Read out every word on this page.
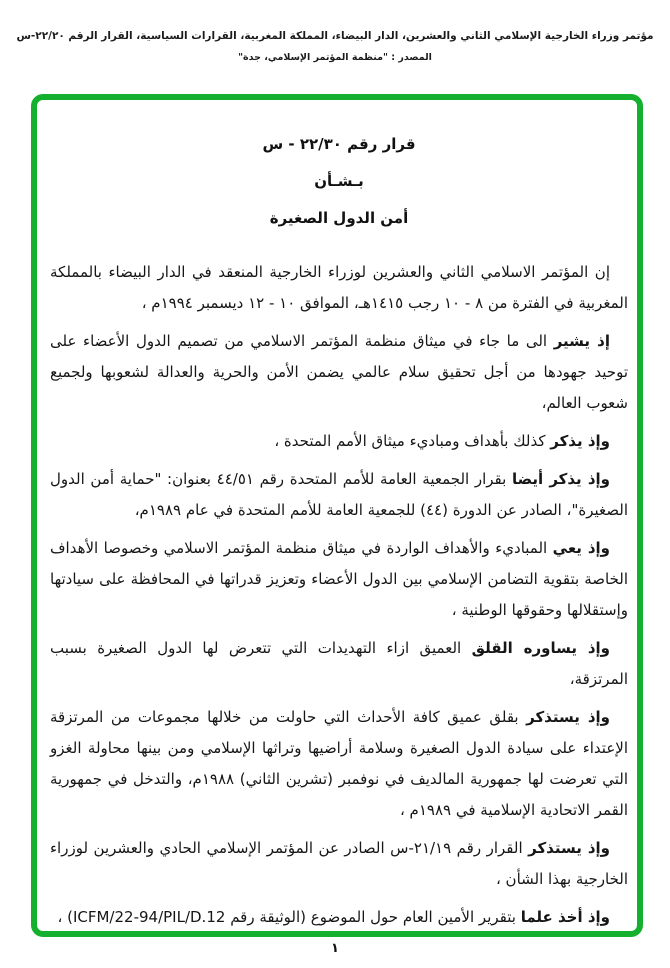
مؤتمر وزراء الخارجية الإسلامي الثاني والعشرين، الدار البيضاء، المملكة المغربية، القرارات السياسية، القرار الرقم ٢٢/٢٠-س
المصدر : "منظمة المؤتمر الإسلامي، جدة"
قرار رقم ٢٢/٣٠ - س
بـشـأن
أمن الدول الصغيرة

إن المؤتمر الاسلامي الثاني والعشرين لوزراء الخارجية المنعقد في الدار البيضاء بالمملكة المغربية في الفترة من ٨ - ١٠ رجب ١٤١٥هـ، الموافق ١٠ - ١٢ ديسمبر ١٩٩٤م ،

إذ يشير الى ما جاء في ميثاق منظمة المؤتمر الاسلامي من تصميم الدول الأعضاء على توحيد جهودها من أجل تحقيق سلام عالمي يضمن الأمن والحرية والعدالة لشعوبها ولجميع شعوب العالم،

وإذ يذكر كذلك بأهداف ومباديء ميثاق الأمم المتحدة ،

وإذ يذكر أيضا بقرار الجمعية العامة للأمم المتحدة رقم ٤٤/٥١ بعنوان: "حماية أمن الدول الصغيرة"، الصادر عن الدورة (٤٤) للجمعية العامة للأمم المتحدة في عام ١٩٨٩م،

وإذ يعي المباديء والأهداف الواردة في ميثاق منظمة المؤتمر الاسلامي وخصوصا الأهداف الخاصة بتقوية التضامن الإسلامي بين الدول الأعضاء وتعزيز قدراتها في المحافظة على سيادتها وإستقلالها وحقوقها الوطنية ،

وإذ يساوره القلق العميق ازاء التهديدات التي تتعرض لها الدول الصغيرة بسبب المرتزقة،

وإذ يستذكر بقلق عميق كافة الأحداث التي حاولت من خلالها مجموعات من المرتزقة الإعتداء على سيادة الدول الصغيرة وسلامة أراضيها وتراثها الإسلامي ومن بينها محاولة الغزو التي تعرضت لها جمهورية المالديف في نوفمبر (تشرين الثاني) ١٩٨٨م، والتدخل في جمهورية القمر الاتحادية الإسلامية في ١٩٨٩م ،

وإذ يستذكر القرار رقم ٢١/١٩-س الصادر عن المؤتمر الإسلامي الحادي والعشرين لوزراء الخارجية بهذا الشأن ،

وإذ أخذ علما بتقرير الأمين العام حول الموضوع (الوثيقة رقم ICFM/22-94/PIL/D.12) ،

١
